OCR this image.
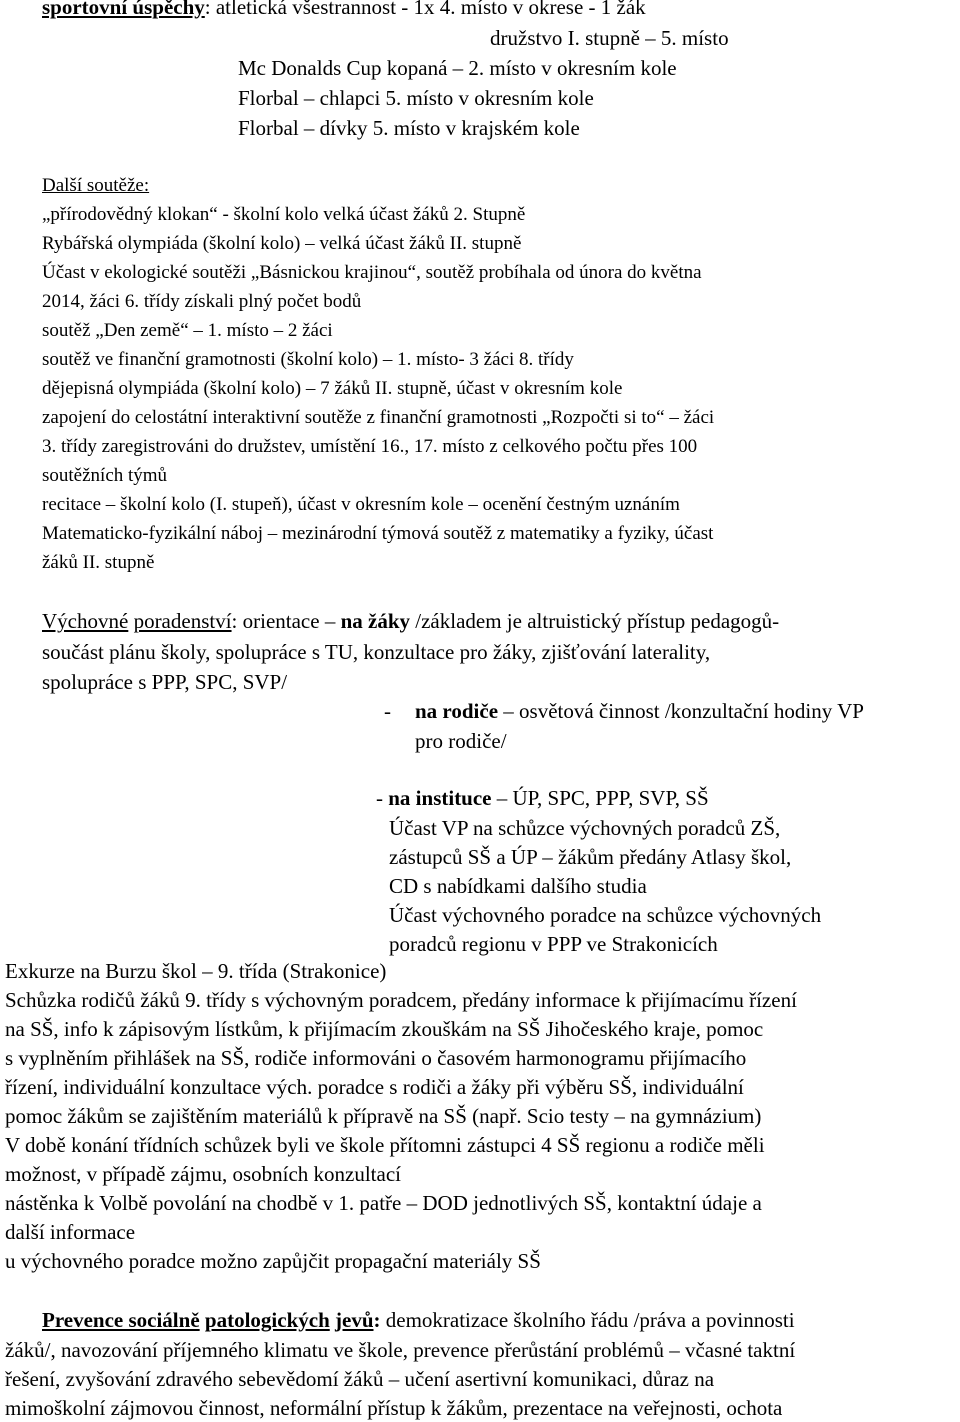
sportovní úspěchy: atletická všestrannost - 1x 4. místo v okrese - 1 žák
družstvo I. stupně – 5. místo
Mc Donalds Cup kopaná – 2. místo v okresním kole
Florbal – chlapci 5. místo v okresním kole
Florbal – dívky 5. místo v krajském kole
Další soutěže:
„přírodovědný klokan“ - školní kolo velká účast žáků 2. Stupně
Rybářská olympiáda (školní kolo) – velká účast žáků II. stupně
Účast v ekologické soutěži „Básnickou krajinou“, soutěž probíhala od února do května
2014, žáci 6. třídy získali plný počet bodů
soutěž „Den země“ – 1. místo – 2 žáci
soutěž ve finanční gramotnosti (školní kolo) – 1. místo- 3 žáci 8. třídy
dějepisná olympiáda (školní kolo) – 7 žáků II. stupně, účast v okresním kole
zapojení do celostátní interaktivní soutěže z finanční gramotnosti „Rozpočti si to“ – žáci
3. třídy zaregistrováni do družstev, umístění 16., 17. místo z celkového počtu přes 100
soutěžních týmů
recitace – školní kolo (I. stupeň), účast v okresním kole – ocenění čestným uznáním
Matematicko-fyzikální náboj – mezinárodní týmová soutěž z matematiky a fyziky, účast
žáků II. stupně
Výchovné poradenství: orientace – na žáky /základem je altruistický přístup pedagogů-
součást plánu školy, spolupráce s TU, konzultace pro žáky, zjišťování laterality,
spolupráce s PPP, SPC, SVP/
- na rodiče – osvětová činnost /konzultační hodiny VP
pro rodiče/
- na instituce – ÚP, SPC, PPP, SVP, SŠ
Účast VP na schůzce výchovných poradců ZŠ,
zástupců SŠ a ÚP – žákům předány Atlasy škol,
CD s nabídkami dalšího studia
Účast výchovného poradce na schůzce výchovných
poradců regionu v PPP ve Strakonicích
Exkurze na Burzu škol – 9. třída (Strakonice)
Schůzka rodičů žáků 9. třídy s výchovným poradcem, předány informace k přijímacímu řízení
na SŠ, info k zápisovým lístkům, k přijímacím zkouškám na SŠ Jihočeského kraje, pomoc
s vyplněním přihlášek na SŠ, rodiče informováni o časovém harmonogramu přijímacího
řízení, individuální konzultace vých. poradce s rodiči a žáky při výběru SŠ, individuální
pomoc žákům se zajištěním materiálů k přípravě na SŠ (např. Scio testy – na gymnázium)
V době konání třídních schůzek byli ve škole přítomni zástupci 4 SŠ regionu a rodiče měli
možnost, v případě zájmu, osobních konzultací
nástěnka k Volbě povolání na chodbě v 1. patře – DOD jednotlivých SŠ, kontaktní údaje a
další informace
u výchovného poradce možno zapůjčit propagační materiály SŠ
Prevence sociálně patologických jevů: demokratizace školního řádu /práva a povinnosti
žáků/, navozování příjemného klimatu ve škole, prevence přerůstání problémů – včasné taktní
řešení, zvyšování zdravého sebevědomí žáků – učení asertivní komunikaci, důraz na
mimoškolní zájmovou činnost, neformální přístup k žákům, prezentace na veřejnosti, ochota
